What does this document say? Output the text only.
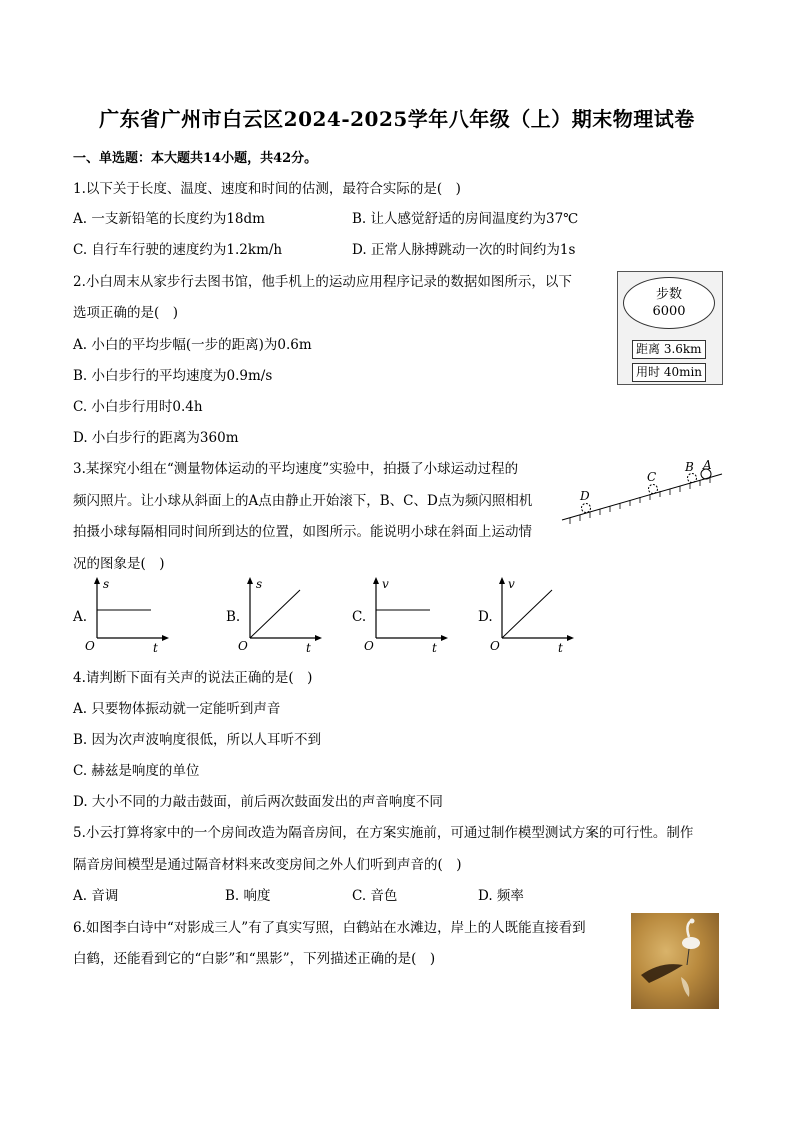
广东省广州市白云区2024-2025学年八年级（上）期末物理试卷
一、单选题：本大题共14小题，共42分。
1.以下关于长度、温度、速度和时间的估测，最符合实际的是(　)
A. 一支新铅笔的长度约为18dm	B. 让人感觉舒适的房间温度约为37℃
C. 自行车行驶的速度约为1.2km/h	D. 正常人脉搏跳动一次的时间约为1s
2.小白周末从家步行去图书馆，他手机上的运动应用程序记录的数据如图所示，以下
选项正确的是(　)
A. 小白的平均步幅(一步的距离)为0.6m
B. 小白步行的平均速度为0.9m/s
C. 小白步行用时0.4h
D. 小白步行的距离为360m
步数
6000
距离 3.6km
用时 40min
3.某探究小组在“测量物体运动的平均速度”实验中，拍摄了小球运动过程的
频闪照片。让小球从斜面上的A点由静止开始滚下，B、C、D点为频闪照相机
拍摄小球每隔相同时间所到达的位置，如图所示。能说明小球在斜面上运动情
况的图象是(　)
D
C
B A
A.
s
O	t
B.
s
O	t
C.
v
O	t
D.
v
O	t
4.请判断下面有关声的说法正确的是(　)
A. 只要物体振动就一定能听到声音
B. 因为次声波响度很低，所以人耳听不到
C. 赫兹是响度的单位
D. 大小不同的力敲击鼓面，前后两次鼓面发出的声音响度不同
5.小云打算将家中的一个房间改造为隔音房间，在方案实施前，可通过制作模型测试方案的可行性。制作
隔音房间模型是通过隔音材料来改变房间之外人们听到声音的(　)
A. 音调	B. 响度	C. 音色	D. 频率
6.如图李白诗中“对影成三人”有了真实写照，白鹤站在水滩边，岸上的人既能直接看到
白鹤，还能看到它的“白影”和“黑影”，下列描述正确的是(　)
